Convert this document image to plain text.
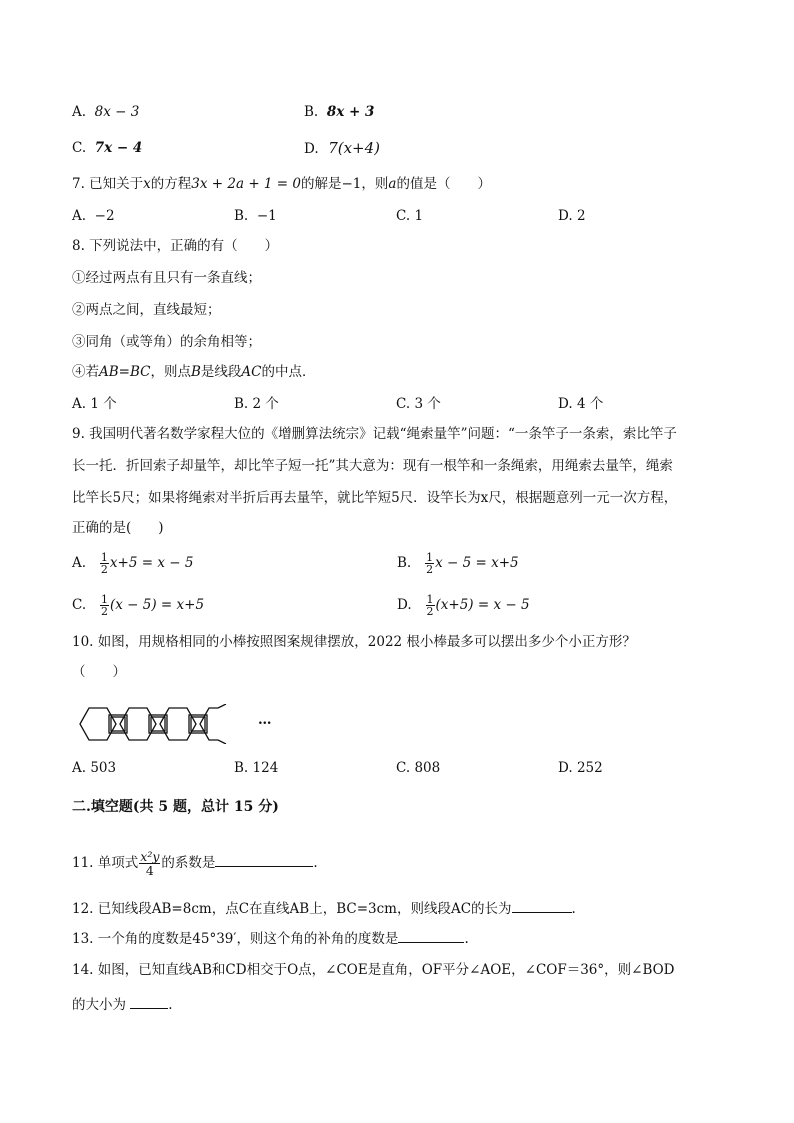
A. 8x − 3	B. 8x + 3
C. 7x − 4	D. 7(x+4)
7. 已知关于x的方程3x + 2a + 1 = 0的解是−1，则a的值是（　　）
A. −2	B. −1	C. 1	D. 2
8. 下列说法中，正确的有（　　）
①经过两点有且只有一条直线；
②两点之间，直线最短；
③同角（或等角）的余角相等；
④若AB=BC，则点B是线段AC的中点．
A. 1 个	B. 2 个	C. 3 个	D. 4 个
9. 我国明代著名数学家程大位的《增删算法统宗》记载“绳索量竿”问题：“一条竿子一条索，索比竿子
长一托．折回索子却量竿，却比竿子短一托”其大意为：现有一根竿和一条绳索，用绳索去量竿，绳索
比竿长5尺；如果将绳索对半折后再去量竿，就比竿短5尺．设竿长为x尺，根据题意列一元一次方程，
正确的是(　　)
A. $\frac{1}{2} x+5 = x - 5$	B. $\frac{1}{2}$ x − 5 = x+5
C. $\frac{1}{2} (x - 5) = x+5$	D. $\frac{1}{2} (x+5) = x - 5$
10. 如图，用规格相同的小棒按照图案规律摆放，2022 根小棒最多可以摆出多少个小正方形？
（　　）
…
A. 503	B. 124	C. 808	D. 252
二.填空题(共 5 题，总计 15 分)
11. 单项式 $\frac{\text{x²y}}{4}$ 的系数是	.
12. 已知线段AB=8cm，点C在直线AB上，BC=3cm，则线段AC的长为	.
13. 一个角的度数是45°39′，则这个角的补角的度数是	.
14. 如图，已知直线AB和CD相交于O点，∠COE是直角，OF平分∠AOE，∠COF＝36°，则∠BOD
的大小为	.
